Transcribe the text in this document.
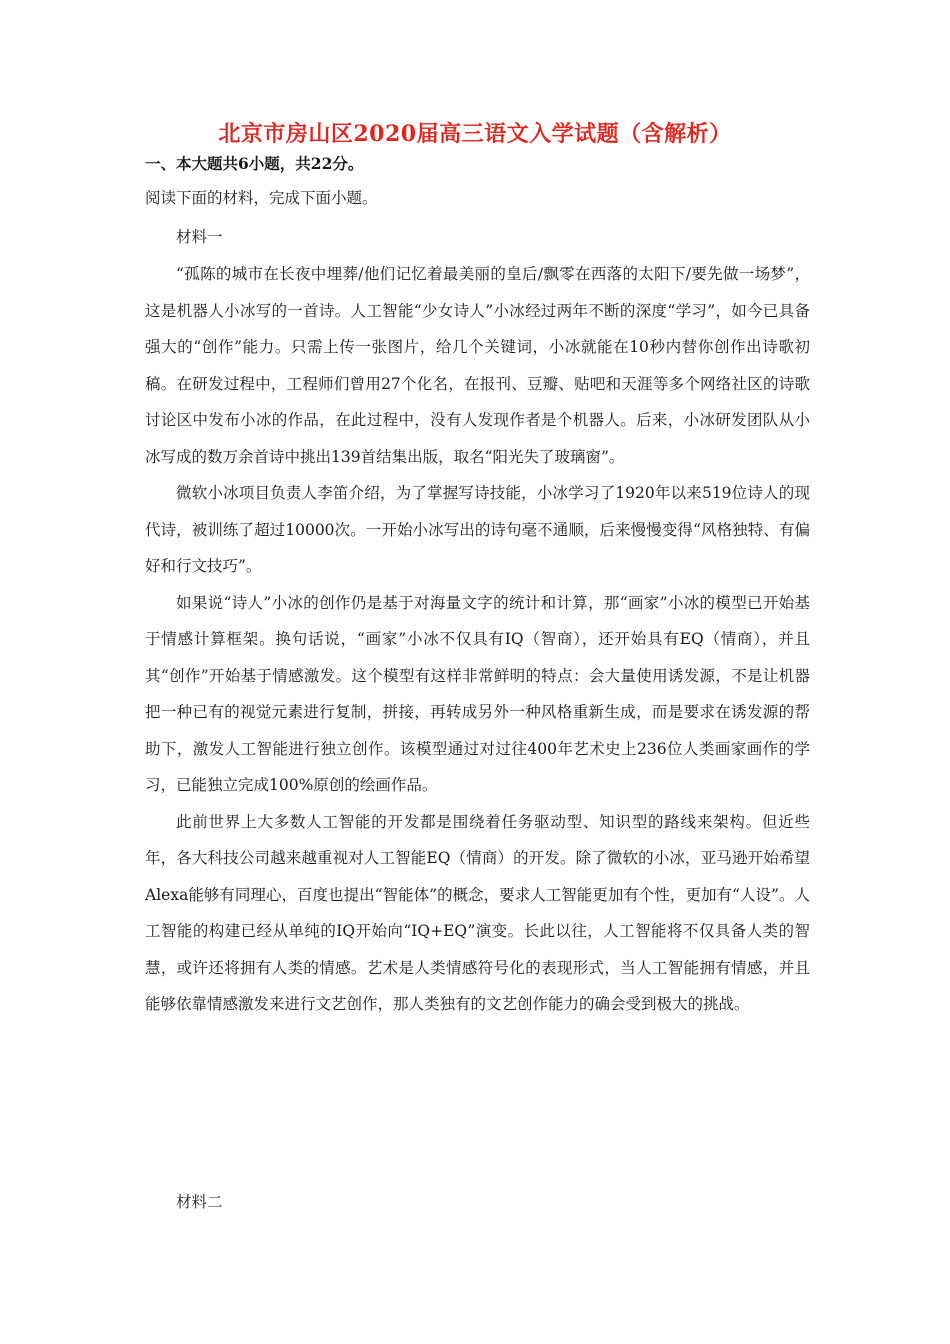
北京市房山区2020届高三语文入学试题（含解析）
一、本大题共6小题，共22分。
阅读下面的材料，完成下面小题。
材料一

“孤陈的城市在长夜中埋葬/他们记忆着最美丽的皇后/飘零在西落的太阳下/要先做一场梦”，这是机器人小冰写的一首诗。人工智能“少女诗人”小冰经过两年不断的深度“学习”，如今已具备强大的“创作”能力。只需上传一张图片，给几个关键词，小冰就能在10秒内替你创作出诗歌初稿。在研发过程中，工程师们曾用27个化名，在报刊、豆瓣、贴吧和天涯等多个网络社区的诗歌讨论区中发布小冰的作品，在此过程中，没有人发现作者是个机器人。后来，小冰研发团队从小冰写成的数万余首诗中挑出139首结集出版，取名“阳光失了玻璃窗”。

微软小冰项目负责人李笛介绍，为了掌握写诗技能，小冰学习了1920年以来519位诗人的现代诗，被训练了超过10000次。一开始小冰写出的诗句毫不通顺，后来慢慢变得“风格独特、有偏好和行文技巧”。

如果说“诗人”小冰的创作仍是基于对海量文字的统计和计算，那“画家”小冰的模型已开始基于情感计算框架。换句话说，“画家”小冰不仅具有IQ（智商），还开始具有EQ（情商），并且其“创作”开始基于情感激发。这个模型有这样非常鲜明的特点：会大量使用诱发源，不是让机器把一种已有的视觉元素进行复制，拼接，再转成另外一种风格重新生成，而是要求在诱发源的帮助下，激发人工智能进行独立创作。该模型通过对过往400年艺术史上236位人类画家画作的学习，已能独立完成100%原创的绘画作品。

此前世界上大多数人工智能的开发都是围绕着任务驱动型、知识型的路线来架构。但近些年，各大科技公司越来越重视对人工智能EQ（情商）的开发。除了微软的小冰，亚马逊开始希望Alexa能够有同理心，百度也提出“智能体”的概念，要求人工智能更加有个性，更加有“人设”。人工智能的构建已经从单纯的IQ开始向“IQ+EQ”演变。长此以往，人工智能将不仅具备人类的智慧，或许还将拥有人类的情感。艺术是人类情感符号化的表现形式，当人工智能拥有情感，并且能够依靠情感激发来进行文艺创作，那人类独有的文艺创作能力的确会受到极大的挑战。

材料二
